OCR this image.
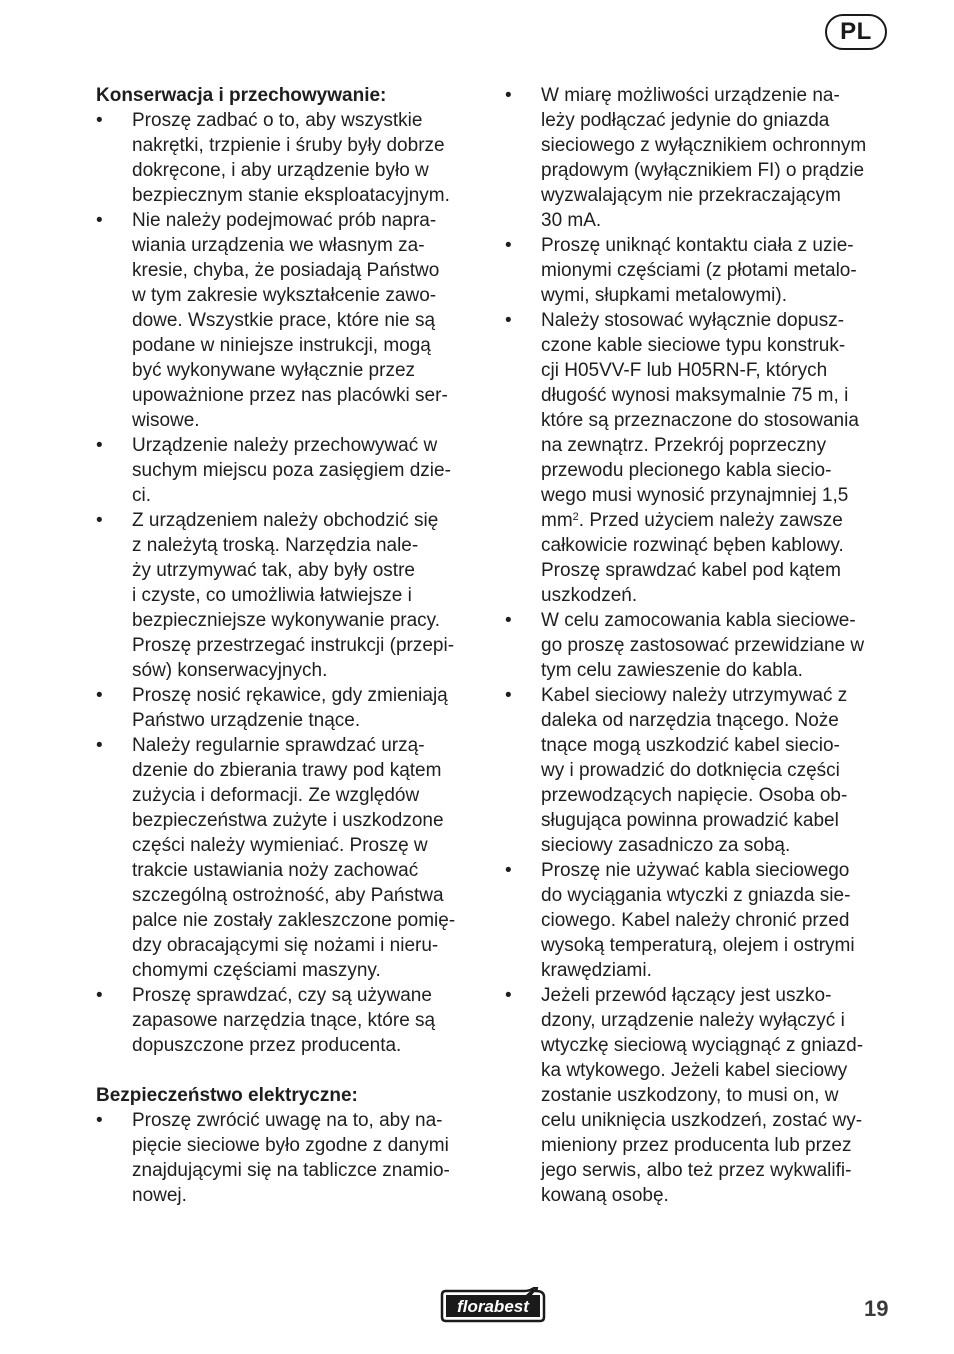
PL
Konserwacja i przechowywanie:
•	Proszę zadbać o to, aby wszystkie
nakrętki, trzpienie i śruby były dobrze
dokręcone, i aby urządzenie było w
bezpiecznym stanie eksploatacyjnym.
•	Nie należy podejmować prób napra-
wiania urządzenia we własnym za-
kresie, chyba, że posiadają Państwo
w tym zakresie wykształcenie zawo-
dowe. Wszystkie prace, które nie są
podane w niniejsze instrukcji, mogą
być wykonywane wyłącznie przez
upoważnione przez nas placówki ser-
wisowe.
•	Urządzenie należy przechowywać w
suchym miejscu poza zasięgiem dzie-
ci.
•	Z urządzeniem należy obchodzić się
z należytą troską. Narzędzia nale-
ży utrzymywać tak, aby były ostre
i czyste, co umożliwia łatwiejsze i
bezpieczniejsze wykonywanie pracy.
Proszę przestrzegać instrukcji (przepi-
sów) konserwacyjnych.
•	Proszę nosić rękawice, gdy zmieniają
Państwo urządzenie tnące.
•	Należy regularnie sprawdzać urzą-
dzenie do zbierania trawy pod kątem
zużycia i deformacji. Ze względów
bezpieczeństwa zużyte i uszkodzone
części należy wymieniać. Proszę w
trakcie ustawiania noży zachować
szczególną ostrożność, aby Państwa
palce nie zostały zakleszczone pomię-
dzy obracającymi się nożami i nieru-
chomymi częściami maszyny.
•	Proszę sprawdzać, czy są używane
zapasowe narzędzia tnące, które są
dopuszczone przez producenta.
Bezpieczeństwo elektryczne:
•	Proszę zwrócić uwagę na to, aby na-
pięcie sieciowe było zgodne z danymi
znajdującymi się na tabliczce znamio-
nowej.
•	W miarę możliwości urządzenie na-
leży podłączać jedynie do gniazda
sieciowego z wyłącznikiem ochronnym
prądowym (wyłącznikiem FI) o prądzie
wyzwalającym nie przekraczającym
30 mA.
•	Proszę uniknąć kontaktu ciała z uzie-
mionymi częściami (z płotami metalo-
wymi, słupkami metalowymi).
•	Należy stosować wyłącznie dopusz-
czone kable sieciowe typu konstruk-
cji H05VV-F lub H05RN-F, których
długość wynosi maksymalnie 75 m, i
które są przeznaczone do stosowania
na zewnątrz. Przekrój poprzeczny
przewodu plecionego kabla siecio-
wego musi wynosić przynajmniej 1,5
$mm^2$. Przed użyciem należy zawsze
całkowicie rozwinąć bęben kablowy.
Proszę sprawdzać kabel pod kątem
uszkodzeń.
•	W celu zamocowania kabla sieciowe-
go proszę zastosować przewidziane w
tym celu zawieszenie do kabla.
•	Kabel sieciowy należy utrzymywać z
daleka od narzędzia tnącego. Noże
tnące mogą uszkodzić kabel siecio-
wy i prowadzić do dotknięcia części
przewodzących napięcie. Osoba ob-
sługująca powinna prowadzić kabel
sieciowy zasadniczo za sobą.
•	Proszę nie używać kabla sieciowego
do wyciągania wtyczki z gniazda sie-
ciowego. Kabel należy chronić przed
wysoką temperaturą, olejem i ostrymi
krawędziami.
•	Jeżeli przewód łączący jest uszko-
dzony, urządzenie należy wyłączyć i
wtyczkę sieciową wyciągnąć z gniazd-
ka wtykowego. Jeżeli kabel sieciowy
zostanie uszkodzony, to musi on, w
celu uniknięcia uszkodzeń, zostać wy-
mieniony przez producenta lub przez
jego serwis, albo też przez wykwalifi-
kowaną osobę.
florabest	19
